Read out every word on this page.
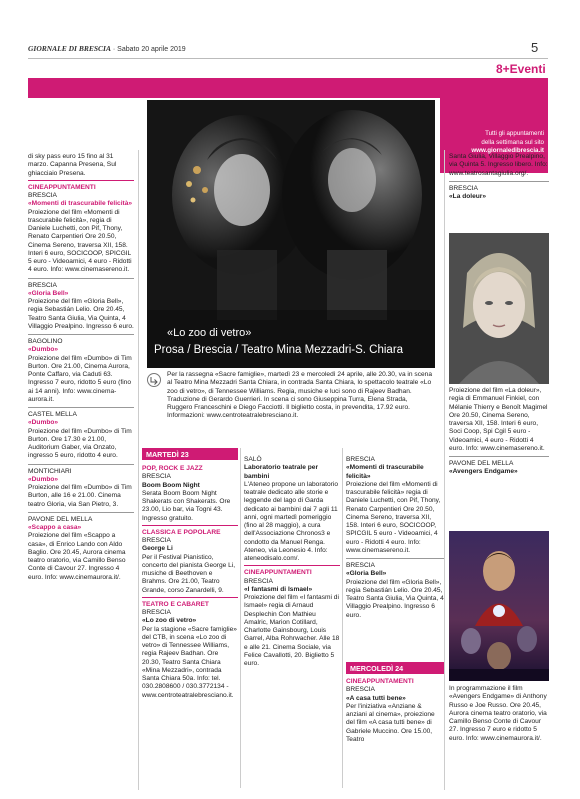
GIORNALE DI BRESCIA · Sabato 20 aprile 2019	5
8+Eventi
Tutti gli appuntamenti
della settimana sul sito
www.giornaledibrescia.it
«Lo zoo di vetro»
Prosa / Brescia / Teatro Mina Mezzadri-S. Chiara
Per la rassegna «Sacre famiglie», martedì 23 e mercoledì 24 aprile, alle 20.30, va in scena al Teatro Mina Mezzadri Santa Chiara, in contrada Santa Chiara, lo spettacolo teatrale «Lo zoo di vetro», di Tennessee Williams. Regia, musiche e luci sono di Rajeev Badhan. Traduzione di Gerardo Guerrieri. In scena ci sono Giuseppina Turra, Elena Strada, Ruggero Franceschini e Diego Facciotti. Il biglietto costa, in prevendita, 17.92 euro. Informazioni: www.centroteatralebresciano.it.
di sky pass euro 15 fino al 31 marzo. Capanna Presena, Sul ghiacciaio Presena.
CINEAPPUNTAMENTI
BRESCIA
«Momenti di trascurabile felicità»
Proiezione del film «Momenti di trascurabile felicità», regia di Daniele Luchetti, con Pif, Thony, Renato Carpentieri Ore 20.50, Cinema Sereno, traversa XII, 158. Interi 6 euro, SOCICOOP, SPICGIL 5 euro - Videoamici, 4 euro - Ridotti 4 euro. Info: www.cinemasereno.it.
BRESCIA
«Gloria Bell»
Proiezione del film «Gloria Bell», regia Sebastián Lelio. Ore 20.45, Teatro Santa Giulia, Via Quinta, 4 Villaggio Prealpino. Ingresso 6 euro.
BAGOLINO
«Dumbo»
Proiezione del film «Dumbo» di Tim Burton. Ore 21.00, Cinema Aurora, Ponte Caffaro, via Caduti 63. Ingresso 7 euro, ridotto 5 euro (fino ai 14 anni). Info: www.cinema-aurora.it.
CASTEL MELLA
«Dumbo»
Proiezione del film «Dumbo» di Tim Burton. Ore 17.30 e 21.00, Auditorium Gaber, via Onzato, ingresso 5 euro, ridotto 4 euro.
MONTICHIARI
«Dumbo»
Proiezione del film «Dumbo» di Tim Burton, alle 16 e 21.00. Cinema teatro Gloria, via San Pietro, 3.
PAVONE DEL MELLA
«Scappo a casa»
Proiezione del film «Scappo a casa», di Enrico Lando con Aldo Baglio. Ore 20.45, Aurora cinema teatro oratorio, via Camillo Benso Conte di Cavour 27. Ingresso 4 euro. Info: www.cinemaurora.it/.
MARTEDÌ 23
POP, ROCK E JAZZ
BRESCIA
Boom Boom Night
Serata Boom Boom Night Shakerats con Shakerats. Ore 23.00, Lio bar, via Togni 43. Ingresso gratuito.
CLASSICA E POPOLARE
BRESCIA
George Li
Per il Festival Pianistico, concerto del pianista George Li, musiche di Beethoven e Brahms. Ore 21.00, Teatro Grande, corso Zanardelli, 9.
TEATRO E CABARET
BRESCIA
«Lo zoo di vetro»
Per la stagione «Sacre famiglie» del CTB, in scena «Lo zoo di vetro» di Tennessee Williams, regia Rajeev Badhan. Ore 20.30, Teatro Santa Chiara «Mina Mezzadri», contrada Santa Chiara 50a. Info: tel. 030.2808600 / 030.3772134 - www.centroteatralebresciano.it.
SALÒ
Laboratorio teatrale per bambini
L'Ateneo propone un laboratorio teatrale dedicato alle storie e leggende del lago di Garda dedicato ai bambini dai 7 agli 11 anni, ogni martedì pomeriggio (fino al 28 maggio), a cura dell'Associazione Chronos3 e condotto da Manuel Renga. Ateneo, via Leonesio 4. Info: ateneodisalo.com/.
CINEAPPUNTAMENTI
BRESCIA
«I fantasmi di Ismael»
Proiezione del film «I fantasmi di Ismael» regia di Arnaud Desplechin Con Mathieu Amalric, Marion Cotillard, Charlotte Gainsbourg, Louis Garrel, Alba Rohrwacher. Alle 18 e alle 21. Cinema Sociale, via Felice Cavallotti, 20. Biglietto 5 euro.
BRESCIA
«Momenti di trascurabile felicità»
Proiezione del film «Momenti di trascurabile felicità» regia di Daniele Luchetti, con Pif, Thony, Renato Carpentieri Ore 20.50, Cinema Sereno, traversa XII, 158. Interi 6 euro, SOCICOOP, SPICGIL 5 euro - Videoamici, 4 euro - Ridotti 4 euro. Info: www.cinemasereno.it.
BRESCIA
«Gloria Bell»
Proiezione del film «Gloria Bell», regia Sebastián Lelio. Ore 20.45, Teatro Santa Giulia, Via Quinta, 4 Villaggio Prealpino. Ingresso 6 euro.
MERCOLEDÌ 24
CINEAPPUNTAMENTI
BRESCIA
«A casa tutti bene»
Per l'iniziativa «Anziane & anziani al cinema», proiezione del film «A casa tutti bene» di Gabriele Muccino. Ore 15.00, Teatro
Santa Giulia, Villaggio Prealpino, via Quinta 5. Ingresso libero. Info: www.teatrosantagiulia.org/.
BRESCIA
«La doleur»
Proiezione del film «La doleur», regia di Emmanuel Finkiel, con Mélanie Thierry e Benoît Magimel Ore 20.50, Cinema Sereno, traversa XII, 158. Interi 6 euro, Soci Coop, Spi Cgil 5 euro - Videoamici, 4 euro - Ridotti 4 euro. Info: www.cinemasereno.it.
PAVONE DEL MELLA
«Avengers Endgame»
In programmazione il film «Avengers Endgame» di Anthony Russo e Joe Russo. Ore 20.45, Aurora cinema teatro oratorio, via Camillo Benso Conte di Cavour 27. Ingresso 7 euro e ridotto 5 euro. Info: www.cinemaurora.it/.
